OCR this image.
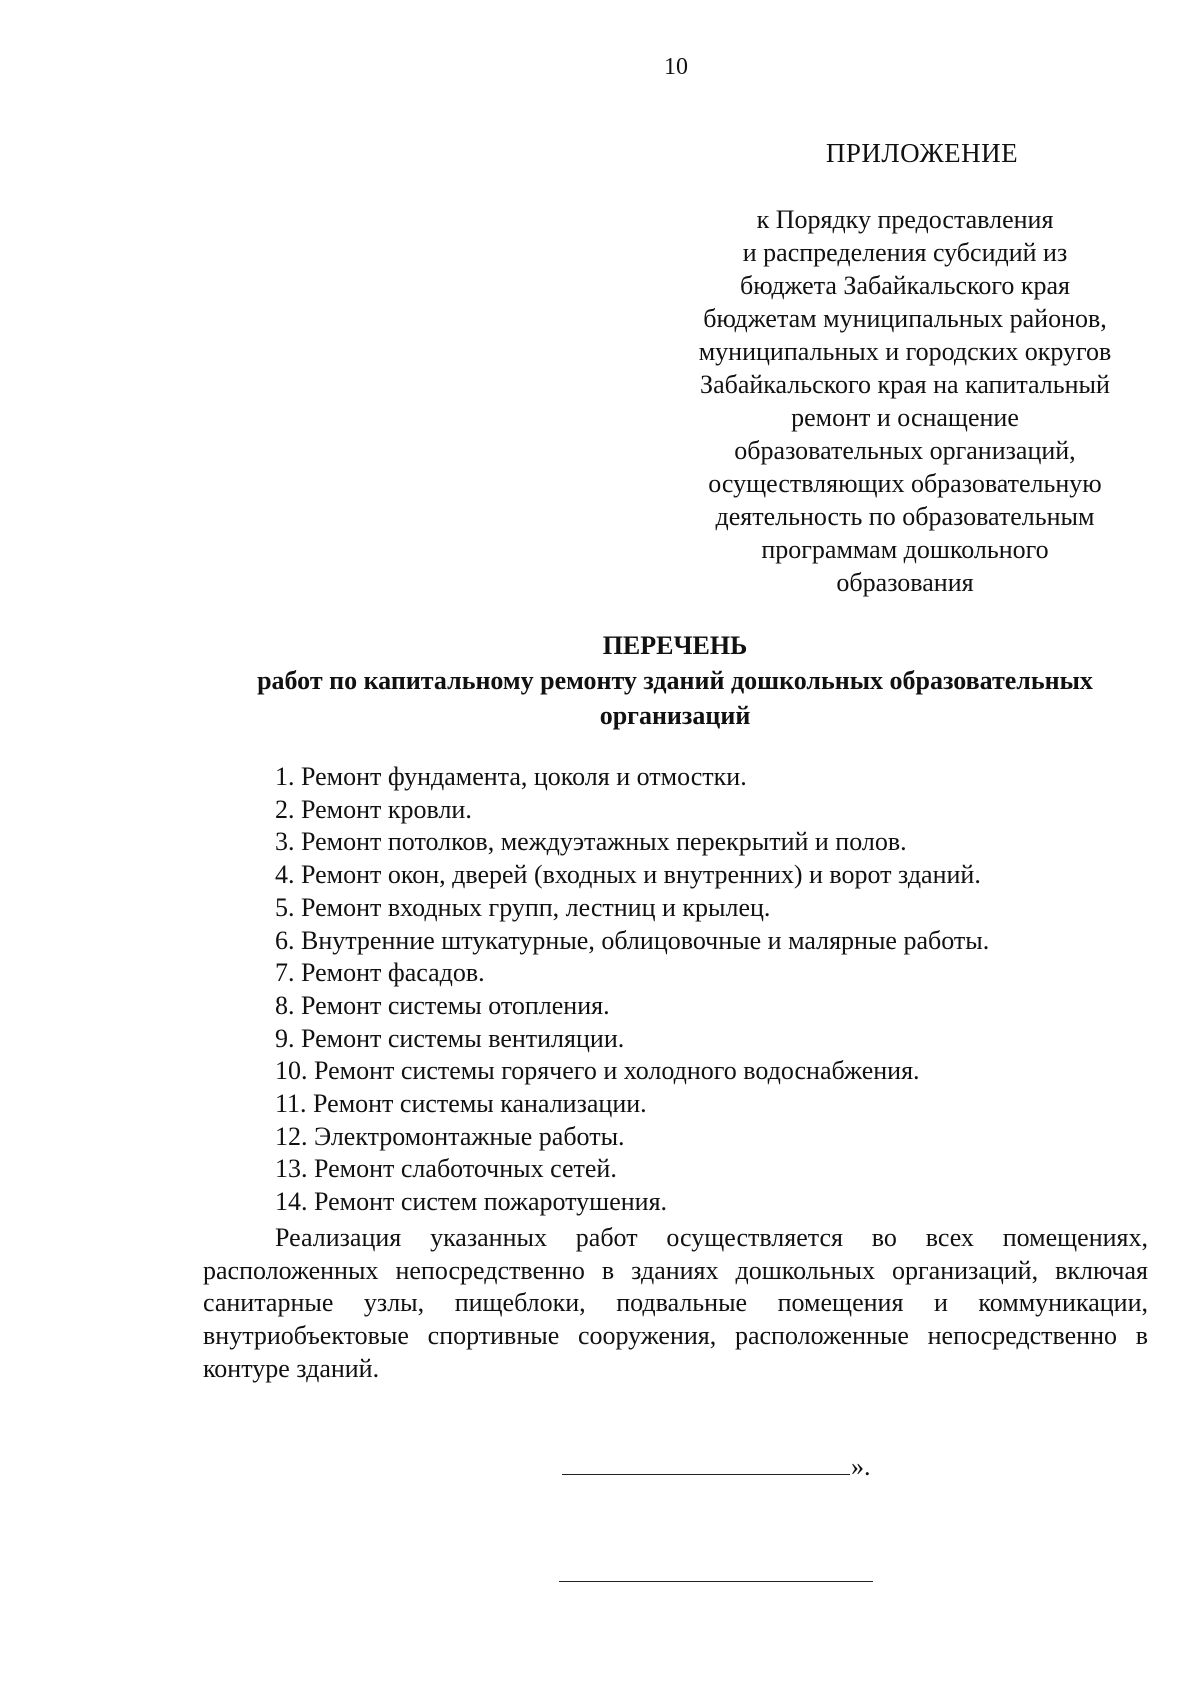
10
ПРИЛОЖЕНИЕ
к Порядку предоставления
и распределения субсидий из
бюджета Забайкальского края
бюджетам муниципальных районов,
муниципальных и городских округов
Забайкальского края на капитальный
ремонт и оснащение
образовательных организаций,
осуществляющих образовательную
деятельность по образовательным
программам дошкольного
образования
ПЕРЕЧЕНЬ
работ по капитальному ремонту зданий дошкольных образовательных
организаций
1. Ремонт фундамента, цоколя и отмостки.
2. Ремонт кровли.
3. Ремонт потолков, междуэтажных перекрытий и полов.
4. Ремонт окон, дверей (входных и внутренних) и ворот зданий.
5. Ремонт входных групп, лестниц и крылец.
6. Внутренние штукатурные, облицовочные и малярные работы.
7. Ремонт фасадов.
8. Ремонт системы отопления.
9. Ремонт системы вентиляции.
10. Ремонт системы горячего и холодного водоснабжения.
11. Ремонт системы канализации.
12. Электромонтажные работы.
13. Ремонт слаботочных сетей.
14. Ремонт систем пожаротушения.

Реализация указанных работ осуществляется во всех помещениях, расположенных непосредственно в зданиях дошкольных организаций, включая санитарные узлы, пищеблоки, подвальные помещения и коммуникации, внутриобъектовые спортивные сооружения, расположенные непосредственно в контуре зданий.

».
